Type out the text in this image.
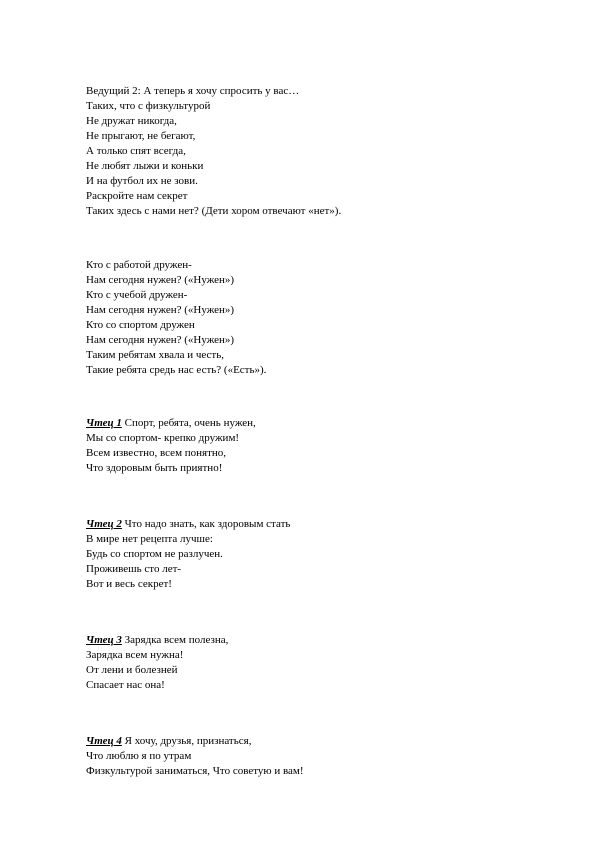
Ведущий 2: А теперь я хочу спросить у вас…
Таких, что с физкультурой
Не дружат никогда,
Не прыгают, не бегают,
А только спят всегда,
Не любят лыжи и коньки
И на футбол их не зови.
Раскройте нам секрет
Таких здесь с нами нет? (Дети хором отвечают «нет»).
Кто с работой дружен-
Нам сегодня нужен? («Нужен»)
Кто с учебой дружен-
Нам сегодня нужен? («Нужен»)
Кто со спортом дружен
Нам сегодня нужен? («Нужен»)
Таким ребятам хвала и честь,
Такие ребята средь нас есть? («Есть»).
Чтец 1 Спорт, ребята, очень нужен,
Мы со спортом- крепко дружим!
Всем известно, всем понятно,
Что здоровым быть приятно!
Чтец 2 Что надо знать, как здоровым стать
В мире нет рецепта лучше:
Будь со спортом не разлучен.
Проживешь сто лет-
Вот и весь секрет!
Чтец 3 Зарядка всем полезна,
Зарядка всем нужна!
От лени и болезней
Спасает нас она!
Чтец 4 Я хочу, друзья, признаться,
Что люблю я по утрам
Физкультурой заниматься, Что советую и вам!
